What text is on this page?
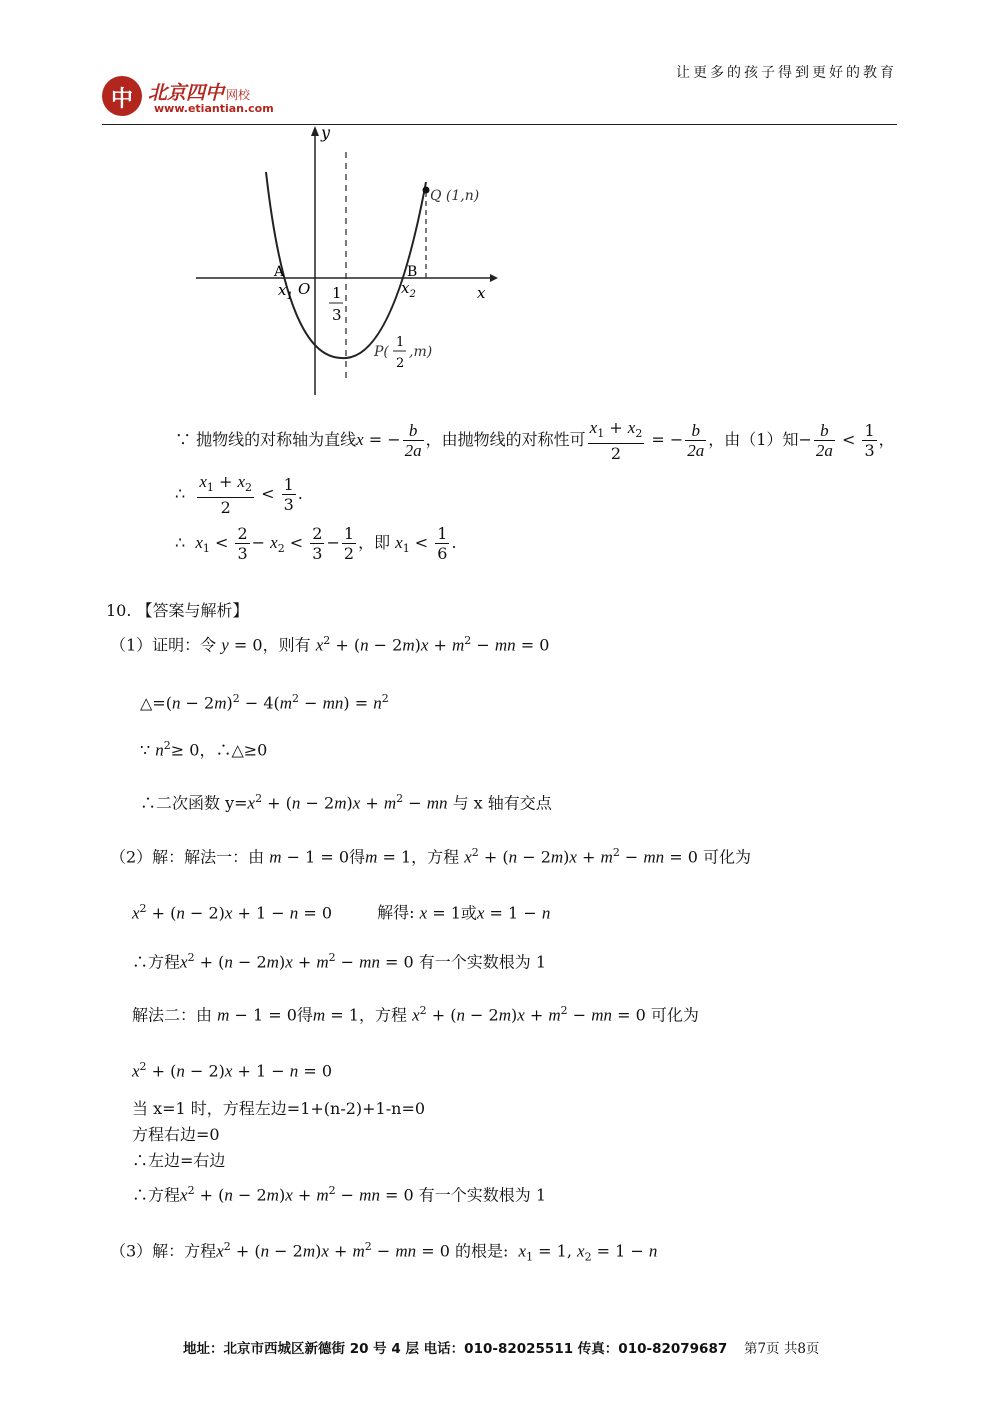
让更多的孩子得到更好的教育
中 北京四中 网校
www.etiantian.com
y
x
A	B
O
$x_1$	$x_2$
1
3
Q (1,n)
P(
1
2
,m)
∵ 抛物线的对称轴为直线x = − $\frac{b}{2a}$ ，由抛物线的对称性可 $\frac{x_1 + x_2}{2}$ = − $\frac{b}{2a}$ ，由（1）知− $\frac{b}{2a} < \frac{1}{3}$ ，
∴ $\frac{x_1 + x_2}{2} < \frac{1}{3}$ .
∴  $x_1 < \frac{2}{3} - x_2 < \frac{2}{3} - \frac{1}{2}$ ，即 $x_1 < \frac{1}{6}$ .
10. 【答案与解析】
（1）证明：令 y = 0，则有 $x^2 + (n - 2m)x + m^2$ − mn = 0
△=(n − $2m)^2 - 4(m^2 - mn) = n^2$
∵ $n^2\ge 0$，∴△≥0
∴二次函数 $y=x^2 + (n - 2m)x + m^2$ − mn 与 x 轴有交点
（2）解：解法一：由 m − 1 = 0得m = 1，方程 $x^2 + (n - 2m)x + m^2$ − mn = 0 可化为
$x^2 + (n - 2)x + 1 - n = 0$	解得: x = 1或x = 1 − n
∴方程$x^2 + (n - 2m)x + m^2$ − mn = 0 有一个实数根为 1
解法二：由 m − 1 = 0得m = 1，方程 $x^2 + (n - 2m)x + m^2$ − mn = 0 可化为
$x^2 + (n - 2)x + 1 - n = 0$
当 x=1 时，方程左边=1+(n-2)+1-n=0
方程右边=0
∴左边=右边
∴方程$x^2 + (n - 2m)x + m^2$ − mn = 0 有一个实数根为 1
（3）解：方程$x^2 + (n - 2m)x + m^2$ − mn = 0 的根是: $x_1 = 1$, $x_2 = 1 - n$
地址：北京市西城区新德街 20 号 4 层 电话：010-82025511 传真：010-82079687 第7页 共8页
